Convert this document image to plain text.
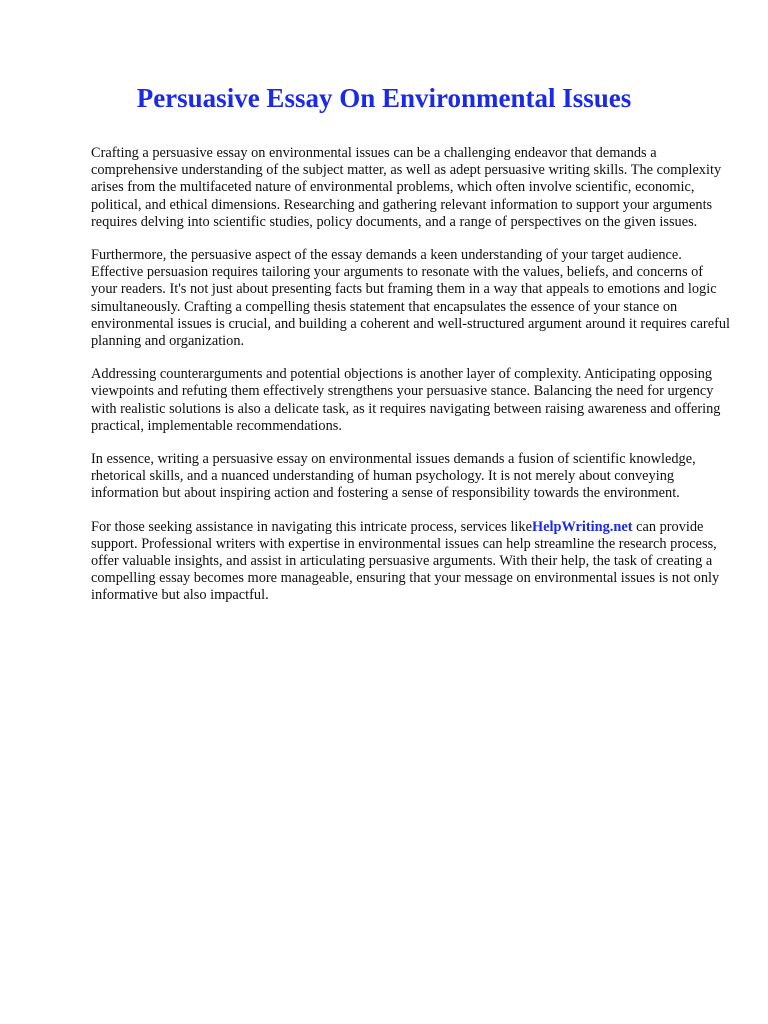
Persuasive Essay On Environmental Issues

Crafting a persuasive essay on environmental issues can be a challenging endeavor that demands a comprehensive understanding of the subject matter, as well as adept persuasive writing skills. The complexity arises from the multifaceted nature of environmental problems, which often involve scientific, economic, political, and ethical dimensions. Researching and gathering relevant information to support your arguments requires delving into scientific studies, policy documents, and a range of perspectives on the given issues.

Furthermore, the persuasive aspect of the essay demands a keen understanding of your target audience. Effective persuasion requires tailoring your arguments to resonate with the values, beliefs, and concerns of your readers. It's not just about presenting facts but framing them in a way that appeals to emotions and logic simultaneously. Crafting a compelling thesis statement that encapsulates the essence of your stance on environmental issues is crucial, and building a coherent and well-structured argument around it requires careful planning and organization.

Addressing counterarguments and potential objections is another layer of complexity. Anticipating opposing viewpoints and refuting them effectively strengthens your persuasive stance. Balancing the need for urgency with realistic solutions is also a delicate task, as it requires navigating between raising awareness and offering practical, implementable recommendations.

In essence, writing a persuasive essay on environmental issues demands a fusion of scientific knowledge, rhetorical skills, and a nuanced understanding of human psychology. It is not merely about conveying information but about inspiring action and fostering a sense of responsibility towards the environment.

For those seeking assistance in navigating this intricate process, services likeHelpWriting.net can provide support. Professional writers with expertise in environmental issues can help streamline the research process, offer valuable insights, and assist in articulating persuasive arguments. With their help, the task of creating a compelling essay becomes more manageable, ensuring that your message on environmental issues is not only informative but also impactful.
